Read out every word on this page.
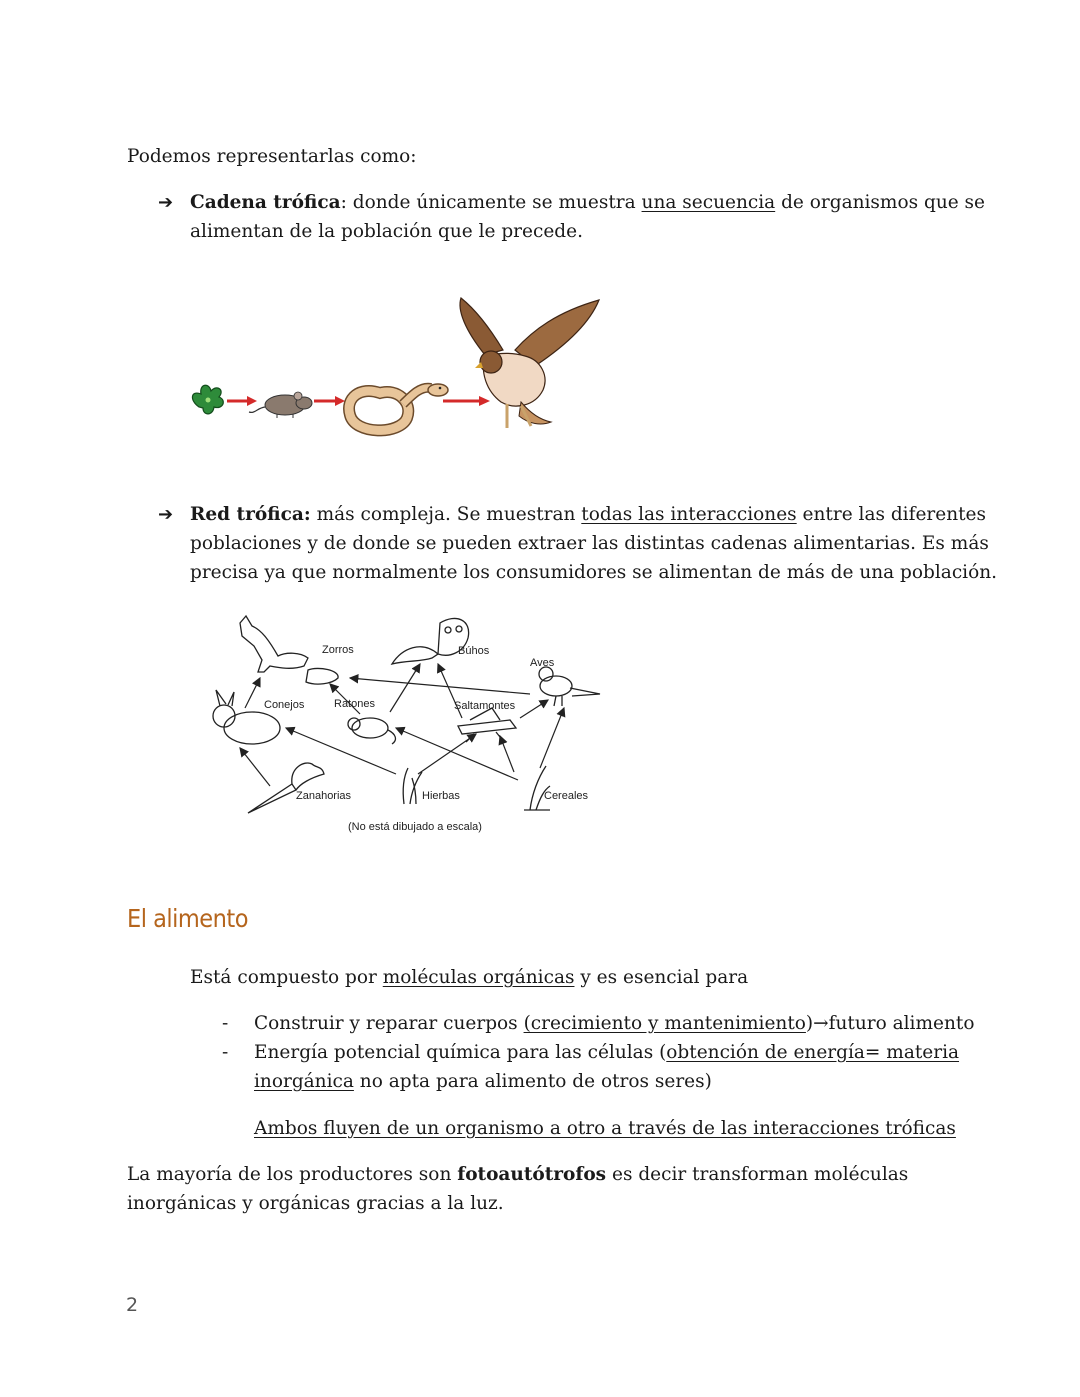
Podemos representarlas como:

➔ Cadena trófica: donde únicamente se muestra una secuencia de organismos que se

alimentan de la población que le precede.

➔ Red trófica: más compleja. Se muestran todas las interacciones entre las diferentes

poblaciones y de donde se pueden extraer las distintas cadenas alimentarias. Es más

precisa ya que normalmente los consumidores se alimentan de más de una población.

Zorros	Búhos
Aves
Conejos	Ratones	Saltamontes
Zanahorias	Hierbas	Cereales
(No está dibujado a escala)
El alimento

Está compuesto por moléculas orgánicas y es esencial para

- Construir y reparar cuerpos (crecimiento y mantenimiento)→futuro alimento

- Energía potencial química para las células (obtención de energía= materia

inorgánica no apta para alimento de otros seres)

Ambos fluyen de un organismo a otro a través de las interacciones tróficas

La mayoría de los productores son fotoautótrofos es decir transforman moléculas

inorgánicas y orgánicas gracias a la luz.

2
